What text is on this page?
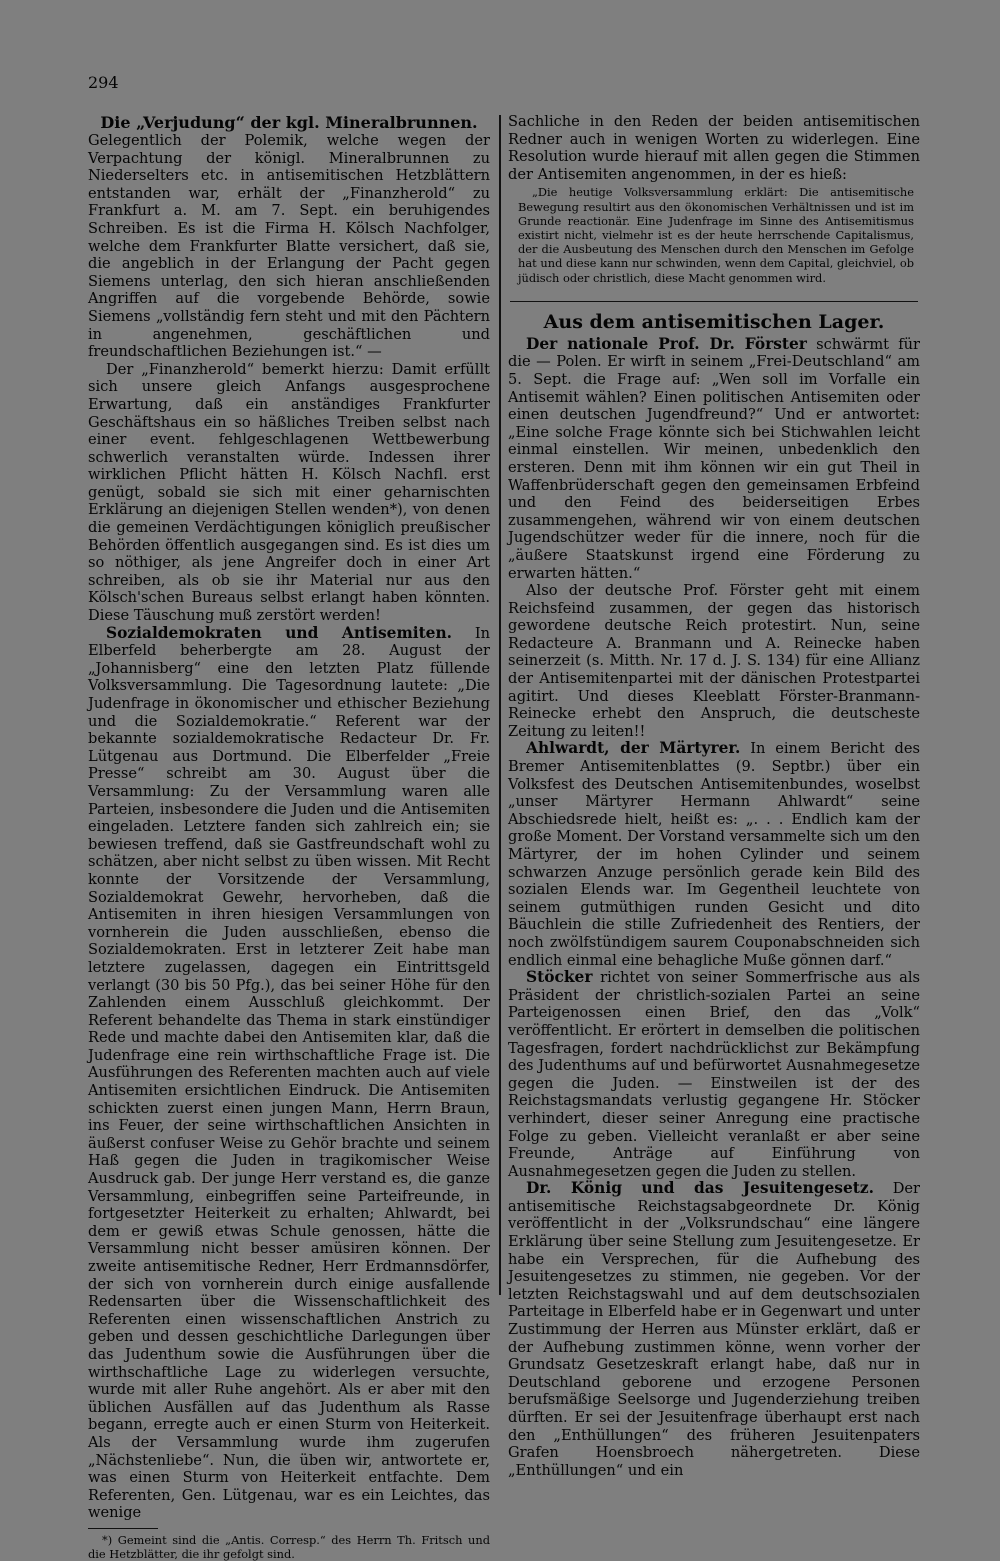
294
Die „Verjudung“ der kgl. Mineralbrunnen.

Gelegentlich der Polemik, welche wegen der Verpachtung der königl. Mineralbrunnen zu Niederselters etc. in antisemitischen Hetzblättern entstanden war, erhält der „Finanzherold“ zu Frankfurt a. M. am 7. Sept. ein beruhigendes Schreiben. Es ist die Firma H. Kölsch Nachfolger, welche dem Frankfurter Blatte versichert, daß sie, die angeblich in der Erlangung der Pacht gegen Siemens unterlag, den sich hieran anschließenden Angriffen auf die vorgebende Behörde, sowie Siemens „vollständig fern steht und mit den Pächtern in angenehmen, geschäftlichen und freundschaftlichen Beziehungen ist.“ —

Der „Finanzherold“ bemerkt hierzu: Damit erfüllt sich unsere gleich Anfangs ausgesprochene Erwartung, daß ein anständiges Frankfurter Geschäftshaus ein so häßliches Treiben selbst nach einer event. fehlgeschlagenen Wettbewerbung schwerlich veranstalten würde. Indessen ihrer wirklichen Pflicht hätten H. Kölsch Nachfl. erst genügt, sobald sie sich mit einer geharnischten Erklärung an diejenigen Stellen wenden*), von denen die gemeinen Verdächtigungen königlich preußischer Behörden öffentlich ausgegangen sind. Es ist dies um so nöthiger, als jene Angreifer doch in einer Art schreiben, als ob sie ihr Material nur aus den Kölsch'schen Bureaus selbst erlangt haben könnten. Diese Täuschung muß zerstört werden!

Sozialdemokraten und Antisemiten. In Elberfeld beherbergte am 28. August der „Johannisberg“ eine den letzten Platz füllende Volksversammlung. Die Tagesordnung lautete: „Die Judenfrage in ökonomischer und ethischer Beziehung und die Sozialdemokratie.“ Referent war der bekannte sozialdemokratische Redacteur Dr. Fr. Lütgenau aus Dortmund. Die Elberfelder „Freie Presse“ schreibt am 30. August über die Versammlung: Zu der Versammlung waren alle Parteien, insbesondere die Juden und die Antisemiten eingeladen. Letztere fanden sich zahlreich ein; sie bewiesen treffend, daß sie Gastfreundschaft wohl zu schätzen, aber nicht selbst zu üben wissen. Mit Recht konnte der Vorsitzende der Versammlung, Sozialdemokrat Gewehr, hervorheben, daß die Antisemiten in ihren hiesigen Versammlungen von vornherein die Juden ausschließen, ebenso die Sozialdemokraten. Erst in letzterer Zeit habe man letztere zugelassen, dagegen ein Eintrittsgeld verlangt (30 bis 50 Pfg.), das bei seiner Höhe für den Zahlenden einem Ausschluß gleichkommt. Der Referent behandelte das Thema in stark einstündiger Rede und machte dabei den Antisemiten klar, daß die Judenfrage eine rein wirthschaftliche Frage ist. Die Ausführungen des Referenten machten auch auf viele Antisemiten ersichtlichen Eindruck. Die Antisemiten schickten zuerst einen jungen Mann, Herrn Braun, ins Feuer, der seine wirthschaftlichen Ansichten in äußerst confuser Weise zu Gehör brachte und seinem Haß gegen die Juden in tragikomischer Weise Ausdruck gab. Der junge Herr verstand es, die ganze Versammlung, einbegriffen seine Parteifreunde, in fortgesetzter Heiterkeit zu erhalten; Ahlwardt, bei dem er gewiß etwas Schule genossen, hätte die Versammlung nicht besser amüsiren können. Der zweite antisemitische Redner, Herr Erdmannsdörfer, der sich von vornherein durch einige ausfallende Redensarten über die Wissenschaftlichkeit des Referenten einen wissenschaftlichen Anstrich zu geben und dessen geschichtliche Darlegungen über das Judenthum sowie die Ausführungen über die wirthschaftliche Lage zu widerlegen versuchte, wurde mit aller Ruhe angehört. Als er aber mit den üblichen Ausfällen auf das Judenthum als Rasse begann, erregte auch er einen Sturm von Heiterkeit. Als der Versammlung wurde ihm zugerufen „Nächstenliebe“. Nun, die üben wir, antwortete er, was einen Sturm von Heiterkeit entfachte. Dem Referenten, Gen. Lütgenau, war es ein Leichtes, das wenige

*) Gemeint sind die „Antis. Corresp.“ des Herrn Th. Fritsch und die Hetzblätter, die ihr gefolgt sind.

Sachliche in den Reden der beiden antisemitischen Redner auch in wenigen Worten zu widerlegen. Eine Resolution wurde hierauf mit allen gegen die Stimmen der Antisemiten angenommen, in der es hieß:

„Die heutige Volksversammlung erklärt: Die antisemitische Bewegung resultirt aus den ökonomischen Verhältnissen und ist im Grunde reactionär. Eine Judenfrage im Sinne des Antisemitismus existirt nicht, vielmehr ist es der heute herrschende Capitalismus, der die Ausbeutung des Menschen durch den Menschen im Gefolge hat und diese kann nur schwinden, wenn dem Capital, gleichviel, ob jüdisch oder christlich, diese Macht genommen wird.

Aus dem antisemitischen Lager.

Der nationale Prof. Dr. Förster schwärmt für die — Polen. Er wirft in seinem „Frei-Deutschland“ am 5. Sept. die Frage auf: „Wen soll im Vorfalle ein Antisemit wählen? Einen politischen Antisemiten oder einen deutschen Jugendfreund?“ Und er antwortet: „Eine solche Frage könnte sich bei Stichwahlen leicht einmal einstellen. Wir meinen, unbedenklich den ersteren. Denn mit ihm können wir ein gut Theil in Waffenbrüderschaft gegen den gemeinsamen Erbfeind und den Feind des beiderseitigen Erbes zusammengehen, während wir von einem deutschen Jugendschützer weder für die innere, noch für die „äußere Staatskunst irgend eine Förderung zu erwarten hätten.“

Also der deutsche Prof. Förster geht mit einem Reichsfeind zusammen, der gegen das historisch gewordene deutsche Reich protestirt. Nun, seine Redacteure A. Branmann und A. Reinecke haben seinerzeit (s. Mitth. Nr. 17 d. J. S. 134) für eine Allianz der Antisemitenpartei mit der dänischen Protestpartei agitirt. Und dieses Kleeblatt Förster-Branmann-Reinecke erhebt den Anspruch, die deutscheste Zeitung zu leiten!!

Ahlwardt, der Märtyrer. In einem Bericht des Bremer Antisemitenblattes (9. Septbr.) über ein Volksfest des Deutschen Antisemitenbundes, woselbst „unser Märtyrer Hermann Ahlwardt“ seine Abschiedsrede hielt, heißt es: „. . . Endlich kam der große Moment. Der Vorstand versammelte sich um den Märtyrer, der im hohen Cylinder und seinem schwarzen Anzuge persönlich gerade kein Bild des sozialen Elends war. Im Gegentheil leuchtete von seinem gutmüthigen runden Gesicht und dito Bäuchlein die stille Zufriedenheit des Rentiers, der noch zwölfstündigem saurem Couponabschneiden sich endlich einmal eine behagliche Muße gönnen darf.“

Stöcker richtet von seiner Sommerfrische aus als Präsident der christlich-sozialen Partei an seine Parteigenossen einen Brief, den das „Volk“ veröffentlicht. Er erörtert in demselben die politischen Tagesfragen, fordert nachdrücklichst zur Bekämpfung des Judenthums auf und befürwortet Ausnahmegesetze gegen die Juden. — Einstweilen ist der des Reichstagsmandats verlustig gegangene Hr. Stöcker verhindert, dieser seiner Anregung eine practische Folge zu geben. Vielleicht veranlaßt er aber seine Freunde, Anträge auf Einführung von Ausnahmegesetzen gegen die Juden zu stellen.

Dr. König und das Jesuitengesetz. Der antisemitische Reichstagsabgeordnete Dr. König veröffentlicht in der „Volksrundschau“ eine längere Erklärung über seine Stellung zum Jesuitengesetze. Er habe ein Versprechen, für die Aufhebung des Jesuitengesetzes zu stimmen, nie gegeben. Vor der letzten Reichstagswahl und auf dem deutschsozialen Parteitage in Elberfeld habe er in Gegenwart und unter Zustimmung der Herren aus Münster erklärt, daß er der Aufhebung zustimmen könne, wenn vorher der Grundsatz Gesetzeskraft erlangt habe, daß nur in Deutschland geborene und erzogene Personen berufsmäßige Seelsorge und Jugenderziehung treiben dürften. Er sei der Jesuitenfrage überhaupt erst nach den „Enthüllungen“ des früheren Jesuitenpaters Grafen Hoensbroech nähergetreten. Diese „Enthüllungen“ und ein
